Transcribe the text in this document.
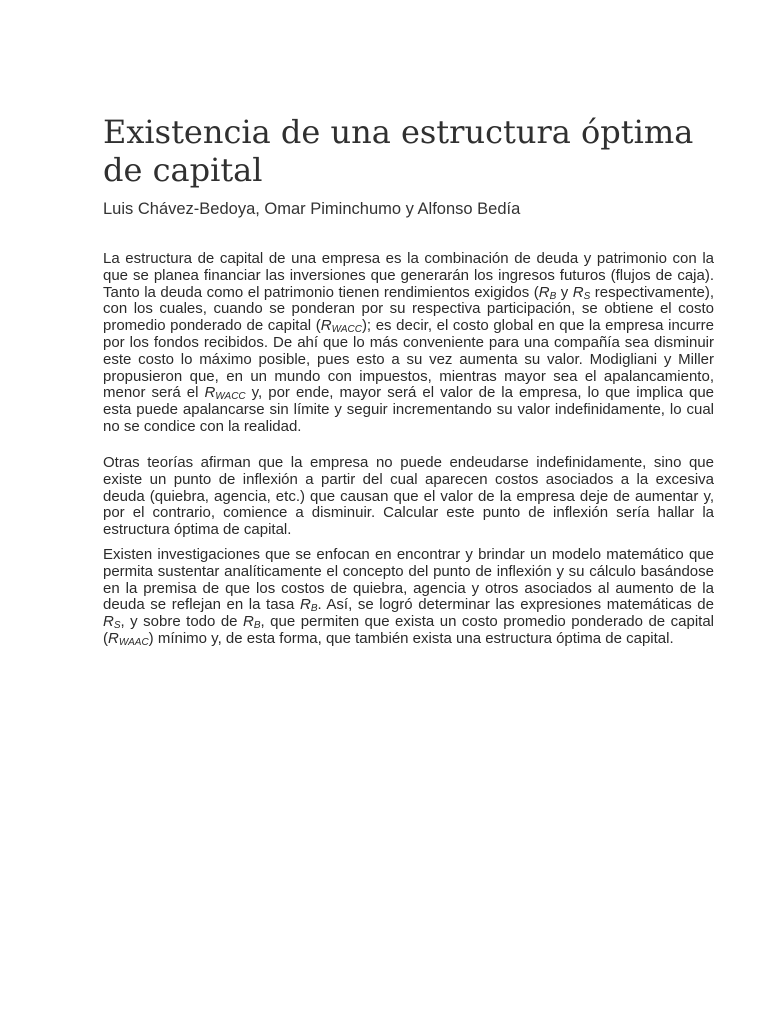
Existencia de una estructura óptima de capital

Luis Chávez-Bedoya, Omar Piminchumo y Alfonso Bedía

La estructura de capital de una empresa es la combinación de deuda y patrimonio con la que se planea financiar las inversiones que generarán los ingresos futuros (flujos de caja). Tanto la deuda como el patrimonio tienen rendimientos exigidos ($R_B$ y $R_S$ respectivamente), con los cuales, cuando se ponderan por su respectiva participación, se obtiene el costo promedio ponderado de capital $(R_{WACC})$; es decir, el costo global en que la empresa incurre por los fondos recibidos. De ahí que lo más conveniente para una compañía sea disminuir este costo lo máximo posible, pues esto a su vez aumenta su valor. Modigliani y Miller propusieron que, en un mundo con impuestos, mientras mayor sea el apalancamiento, menor será el $R_{WACC}$ y, por ende, mayor será el valor de la empresa, lo que implica que esta puede apalancarse sin límite y seguir incrementando su valor indefinidamente, lo cual no se condice con la realidad.

Otras teorías afirman que la empresa no puede endeudarse indefinidamente, sino que existe un punto de inflexión a partir del cual aparecen costos asociados a la excesiva deuda (quiebra, agencia, etc.) que causan que el valor de la empresa deje de aumentar y, por el contrario, comience a disminuir. Calcular este punto de inflexión sería hallar la estructura óptima de capital.

Existen investigaciones que se enfocan en encontrar y brindar un modelo matemático que permita sustentar analíticamente el concepto del punto de inflexión y su cálculo basándose en la premisa de que los costos de quiebra, agencia y otros asociados al aumento de la deuda se reflejan en la tasa $R_B$. Así, se logró determinar las expresiones matemáticas de $R_S$, y sobre todo de $R_B$, que permiten que exista un costo promedio ponderado de capital $(R_{WAAC})$ mínimo y, de esta forma, que también exista una estructura óptima de capital.
